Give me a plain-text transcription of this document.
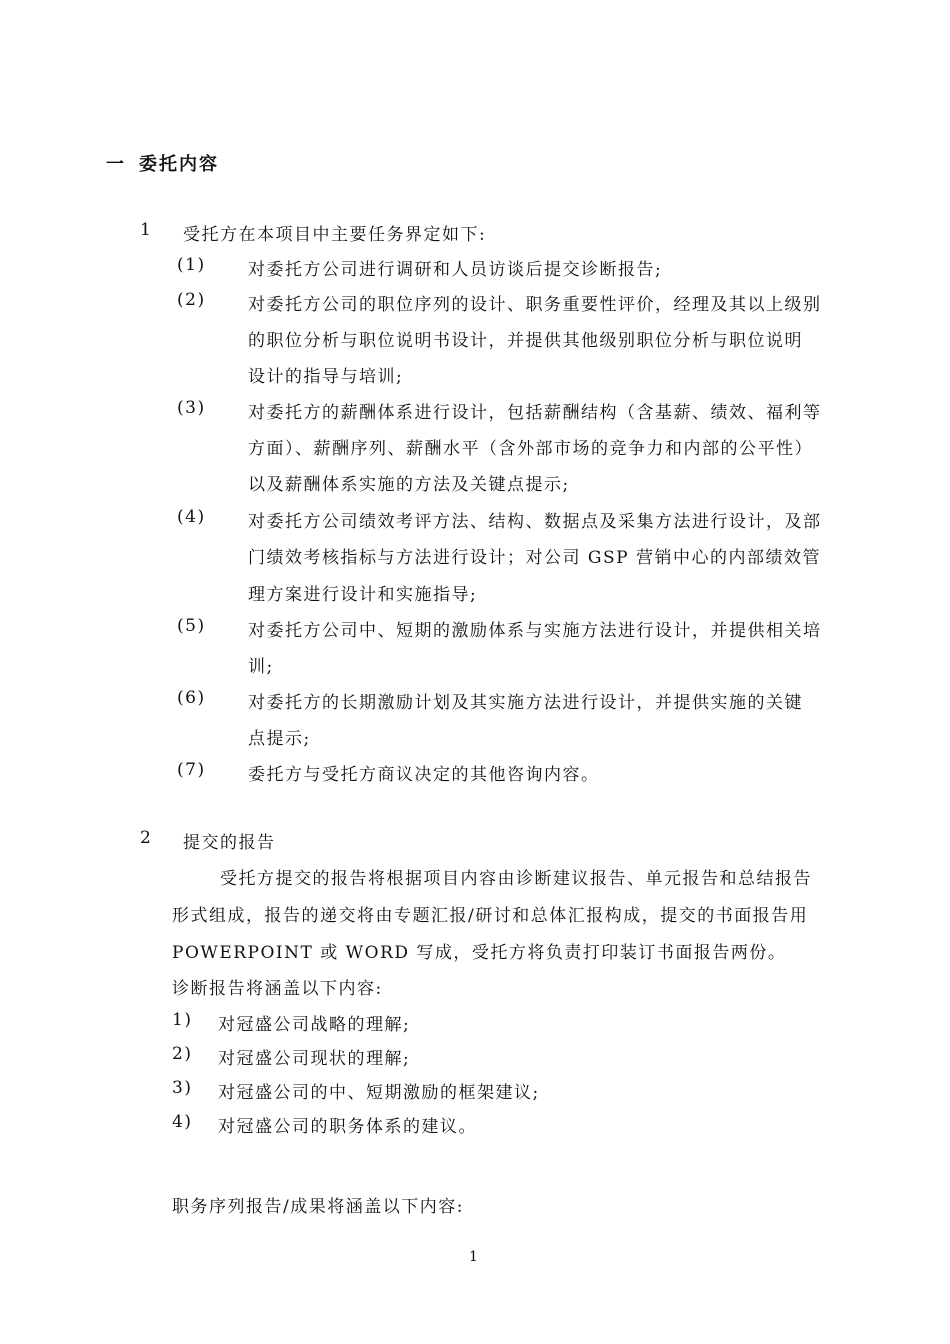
一 委托内容
1 受托方在本项目中主要任务界定如下:
(1) 对委托方公司进行调研和人员访谈后提交诊断报告;
(2) 对委托方公司的职位序列的设计、职务重要性评价，经理及其以上级别
的职位分析与职位说明书设计，并提供其他级别职位分析与职位说明
设计的指导与培训;
(3) 对委托方的薪酬体系进行设计，包括薪酬结构（含基薪、绩效、福利等
方面）、薪酬序列、薪酬水平（含外部市场的竞争力和内部的公平性）
以及薪酬体系实施的方法及关键点提示;
(4) 对委托方公司绩效考评方法、结构、数据点及采集方法进行设计，及部
门绩效考核指标与方法进行设计；对公司 GSP 营销中心的内部绩效管
理方案进行设计和实施指导;
(5) 对委托方公司中、短期的激励体系与实施方法进行设计，并提供相关培
训;
(6) 对委托方的长期激励计划及其实施方法进行设计，并提供实施的关键
点提示;
(7) 委托方与受托方商议决定的其他咨询内容。
2 提交的报告
受托方提交的报告将根据项目内容由诊断建议报告、单元报告和总结报告
形式组成，报告的递交将由专题汇报/研讨和总体汇报构成，提交的书面报告用
POWERPOINT 或 WORD 写成，受托方将负责打印装订书面报告两份。
诊断报告将涵盖以下内容:
1) 对冠盛公司战略的理解;
2) 对冠盛公司现状的理解;
3) 对冠盛公司的中、短期激励的框架建议;
4) 对冠盛公司的职务体系的建议。
职务序列报告/成果将涵盖以下内容:
1
